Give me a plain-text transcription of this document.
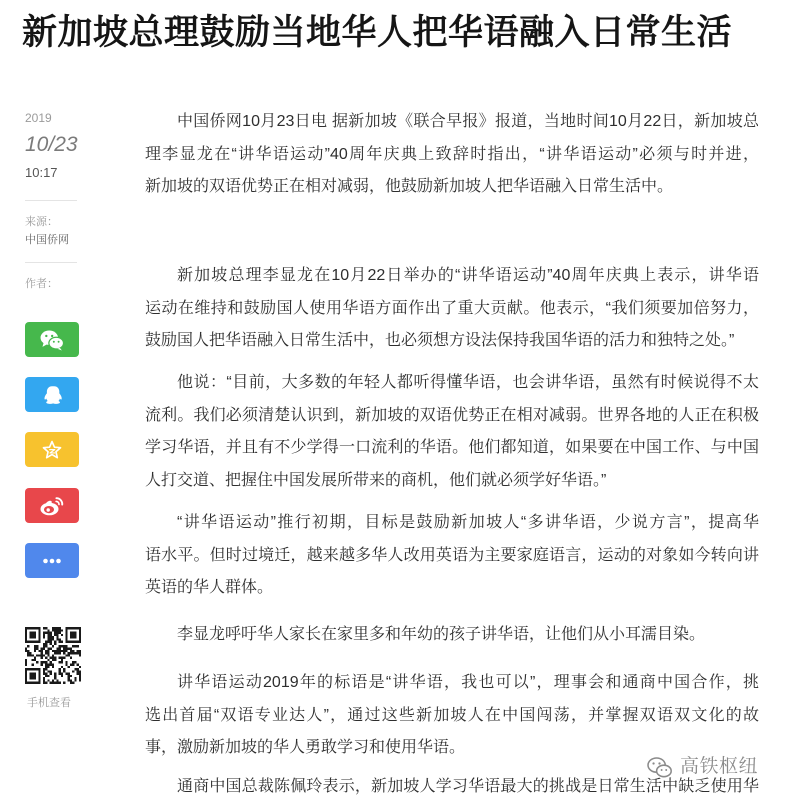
新加坡总理鼓励当地华人把华语融入日常生活
2019
10/23
10:17
来源：
中国侨网
作者：
手机查看
中国侨网10月23日电 据新加坡《联合早报》报道，当地时间10月22日，新加坡总
理李显龙在“讲华语运动”40周年庆典上致辞时指出，“讲华语运动”必须与时并进，
新加坡的双语优势正在相对减弱，他鼓励新加坡人把华语融入日常生活中。
新加坡总理李显龙在10月22日举办的“讲华语运动”40周年庆典上表示，讲华语
运动在维持和鼓励国人使用华语方面作出了重大贡献。他表示，“我们须要加倍努力，
鼓励国人把华语融入日常生活中，也必须想方设法保持我国华语的活力和独特之处。”
他说：“目前，大多数的年轻人都听得懂华语，也会讲华语，虽然有时候说得不太
流利。我们必须清楚认识到，新加坡的双语优势正在相对减弱。世界各地的人正在积极
学习华语，并且有不少学得一口流利的华语。他们都知道，如果要在中国工作、与中国
人打交道、把握住中国发展所带来的商机，他们就必须学好华语。”
“讲华语运动”推行初期，目标是鼓励新加坡人“多讲华语，少说方言”，提高华
语水平。但时过境迁，越来越多华人改用英语为主要家庭语言，运动的对象如今转向讲
英语的华人群体。
李显龙呼吁华人家长在家里多和年幼的孩子讲华语，让他们从小耳濡目染。
讲华语运动2019年的标语是“讲华语，我也可以”，理事会和通商中国合作，挑
选出首届“双语专业达人”，通过这些新加坡人在中国闯荡，并掌握双语双文化的故
事，激励新加坡的华人勇敢学习和使用华语。
通商中国总裁陈佩玲表示，新加坡人学习华语最大的挑战是日常生活中缺乏使用华
高铁枢纽
